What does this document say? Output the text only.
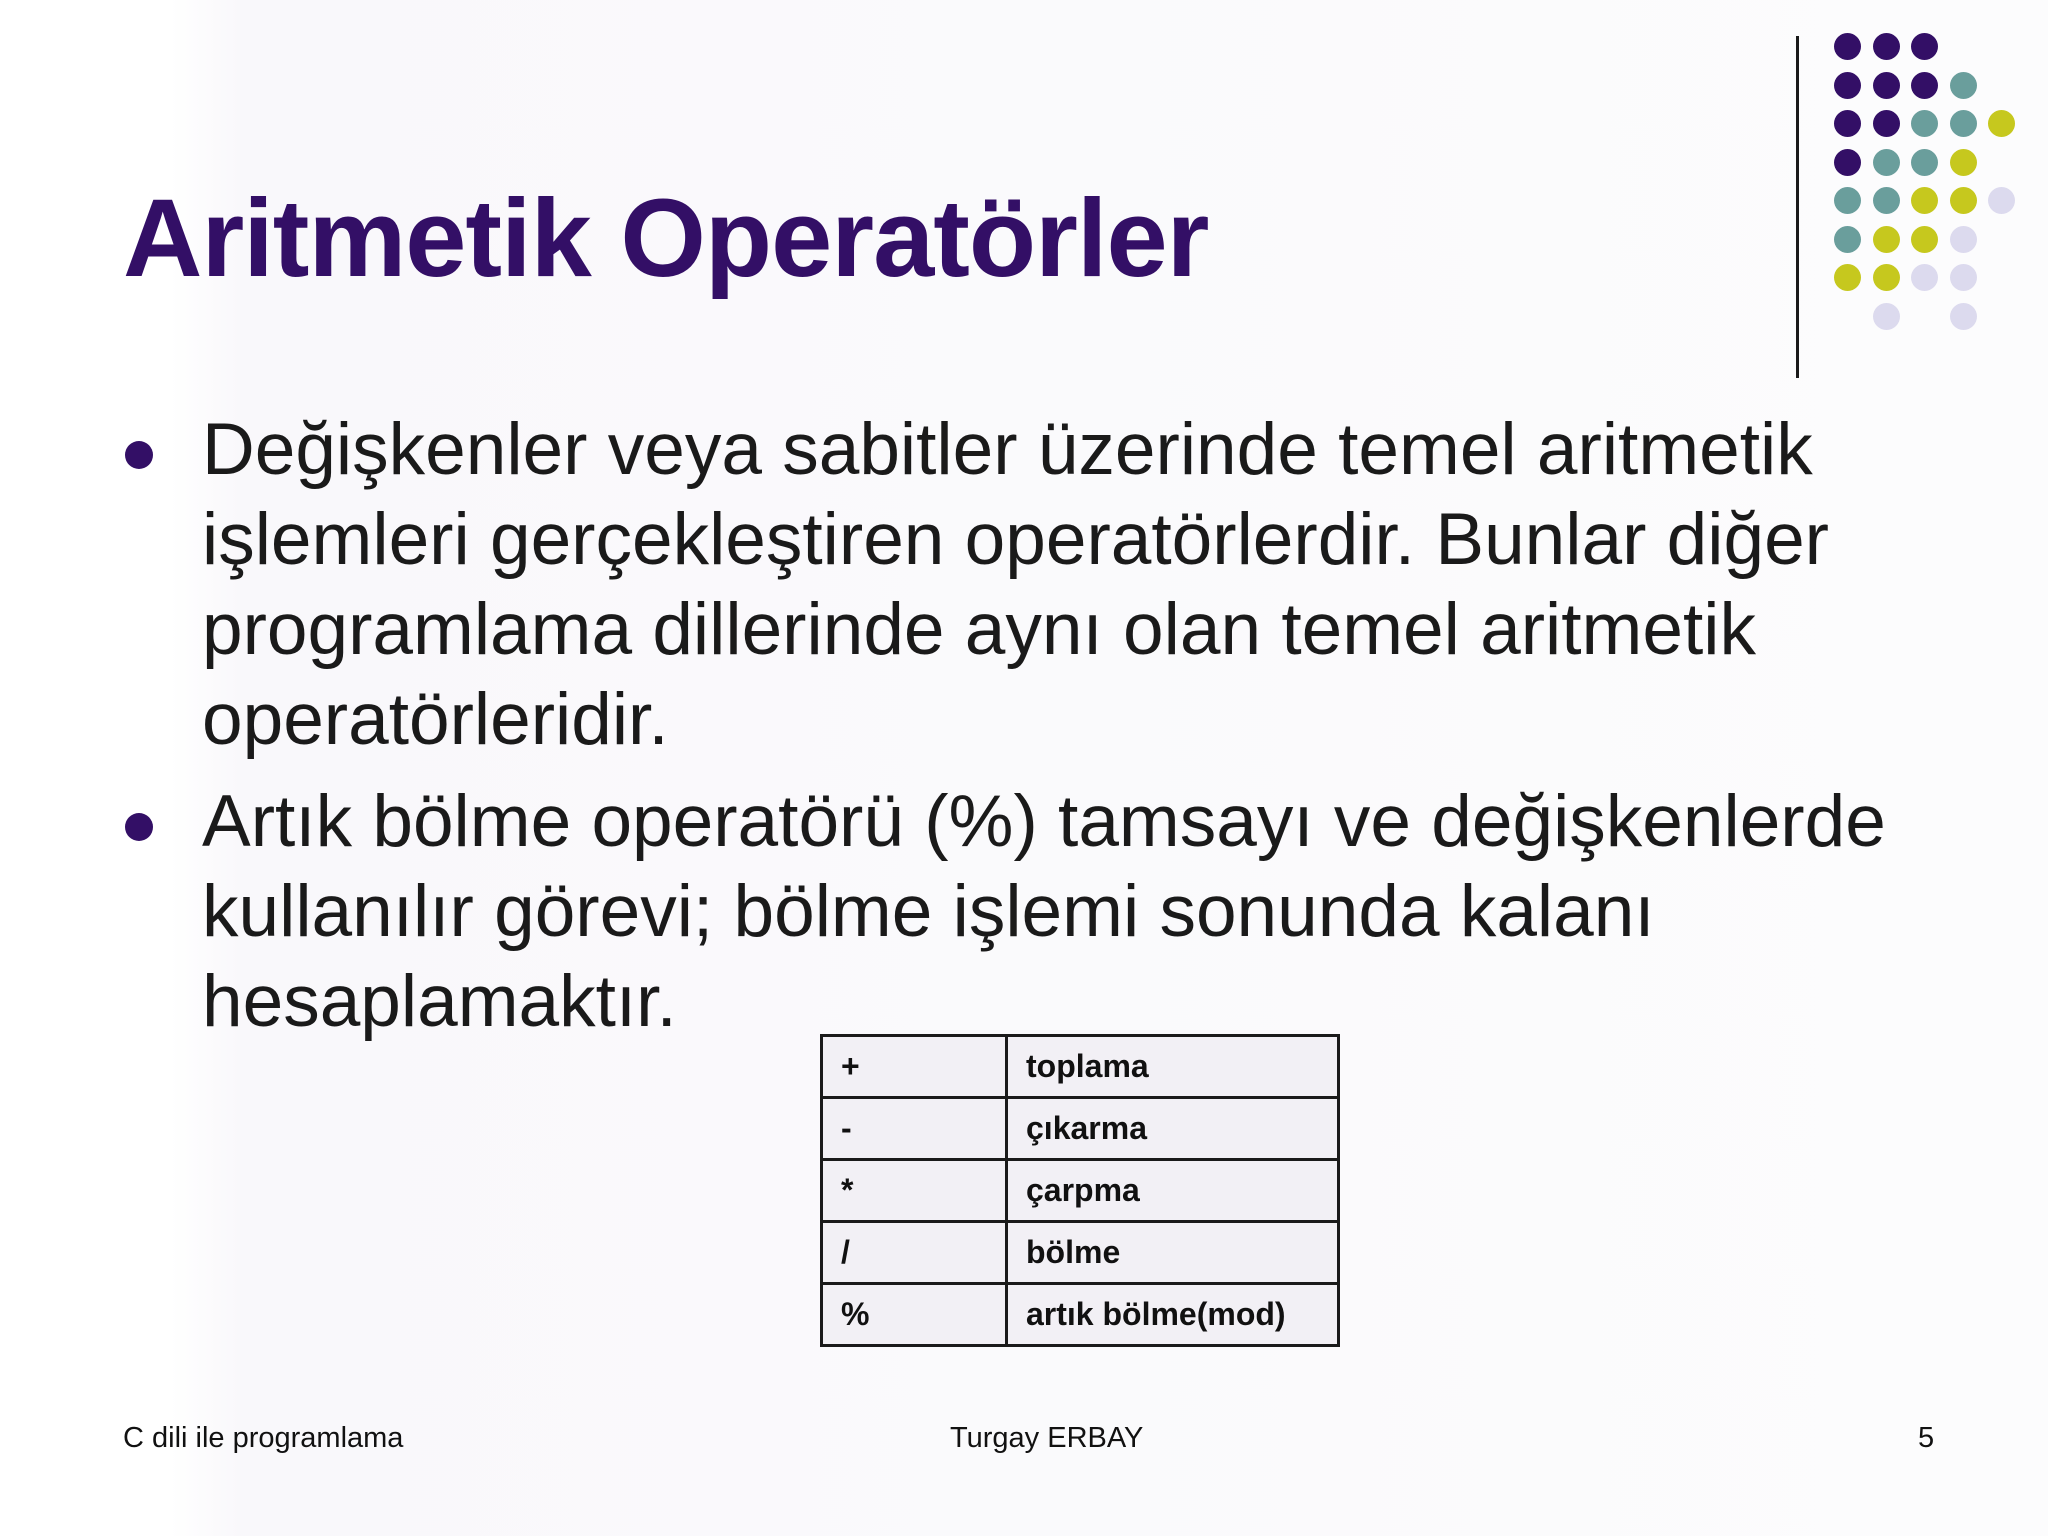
Aritmetik Operatörler
Değişkenler veya sabitler üzerinde temel aritmetik
işlemleri gerçekleştiren operatörlerdir. Bunlar diğer
programlama dillerinde aynı olan temel aritmetik
operatörleridir.
Artık bölme operatörü (%) tamsayı ve değişkenlerde
kullanılır görevi; bölme işlemi sonunda kalanı
hesaplamaktır.
+	toplama
-	çıkarma
*	çarpma
/	bölme
%	artık bölme(mod)
C dili ile programlama	Turgay ERBAY	5
